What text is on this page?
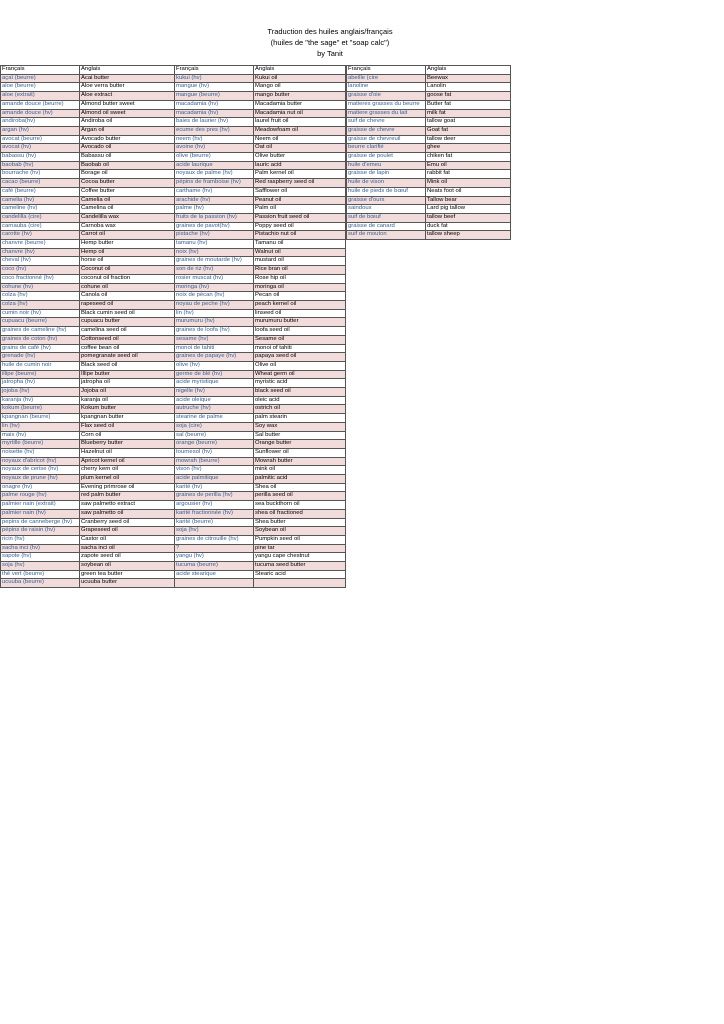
Traduction des huiles anglais/français
(huiles de "the sage" et "soap calc")
by Tanit
Français	Anglais	Français	Anglais
açaï (beurre)	Acai butter	kukui (hv)	Kukui oil
aloe (beurre)	Aloe verra butter	mangue (hv)	Mango oil
aloe (extrait)	Aloe extract	mangue (beurre)	mango butter
amande douce (beurre)	Almond butter sweet	macadamia (hv)	Macadamia butter
amande douce (hv)	Almond oil sweet	macadamia (hv)	Macadamia nut oil
andiroba(hv)	Andiroba oil	baies de laurier (hv)	laurel fruit oil
argan (hv)	Argan oil	ecume des pres (hv)	Meadowfoam oil
avocat (beurre)	Avocado butter	neem (hv)	Neem oil
avocat (hv)	Avocado oil	avoine (hv)	Oat oil
babassu (hv)	Babassu oil	olive (beurre)	Olive butter
baobab (hv)	Baobab oil	acide laurique	lauric acid
bourrache (hv)	Borage oil	noyaux de palme (hv)	Palm kernel oil
cacao (beurre)	Cocoa butter	pépins de framboise (hv)	Red raspberry seed oil
café (beurre)	Coffee butter	carthame (hv)	Safflower oil
camelia (hv)	Camelia oil	arachide (hv)	Peanut oil
cameline (hv)	Camelina oil	palme (hv)	Palm oil
candelilla (cire)	Candelilla wax	fruits de la passion (hv)	Passion fruit seed oil
carnauba (cire)	Carnoba wax	graines de pavot(hv)	Poppy seed oil
carotte (hv)	Carrot oil	pistache (hv)	Pistachio nut oil
chanvre (beurre)	Hemp butter	tamanu (hv)	Tamanu oil
chanvre (hv)	Hemp oil	noix (hv)	Walnut oil
cheval (hv)	horse oil	graines de moutarde (hv)	mustard oil
coco (hv)	Coconut oil	son de riz (hv)	Rice bran oil
coco fractionné (hv)	coconut oil fraction	rosier muscat (hv)	Rose hip oil
cohune (hv)	cohune oil	moringa (hv)	moringa oil
colza (hv)	Canola oil	noix de pécan (hv)	Pecan oil
colza (hv)	rapeseed oil	noyau de peche (hv)	peach kernel oil
cumin noir (hv)	Black cumin seed oil	lin (hv)	linseed oil
cupuacu (beurre)	cupuacu butter	murumuru (hv)	murumuru butter
graines de cameline (hv)	camelina seed oil	graines de loofa (hv)	loofa seed oil
graines de coton (hv)	Cottonseed oil	sesame (hv)	Sesame oil
grains de café (hv)	coffee bean oil	monoi de tahiti	monoi of tahiti
grenade (hv)	pomegranate seed oil	graines de papaye (hv)	papaya seed oil
huile de cumin noir	Black seed oil	olive (hv)	Olive oil
illipe (beurre)	Illipe butter	germe de blé (hv)	Wheat germ oil
jatropha (hv)	jatropha oil	acide myristique	myristic acid
jojoba (hv)	Jojoba oil	nigelle (hv)	black seed oil
karanja (hv)	karanja oil	acide oleique	oleic acid
kokum (beurre)	Kokum butter	autruche (hv)	ostrich oil
kpangnan (beurre)	kpangnan butter	stearine de palme	palm stearin
lin (hv)	Flax seed oil	soja (cire)	Soy wax
mais (hv)	Corn oil	sal (beurre)	Sal butter
myrtille (beurre)	Blueberry butter	orange (beurre)	Orange butter
noisette (hv)	Hazelnut oil	tournesol (hv)	Sunflower oil
noyaux d'abricot (hv)	Apricot kernel oil	mowrah (beurre)	Mowrah butter
noyaux de cerise (hv)	cherry kern oil	vison (hv)	mink oil
noyaux de prune (hv)	plum kernel oil	acide palmitique	palmitic acid
onagre (hv)	Evening primrose oil	karité (hv)	Shea oil
palme rouge (hv)	red palm butter	graines de perilla (hv)	perilla seed oil
palmier nain (extrait)	saw palmetto extract	argousier (hv)	sea buckthorn oil
palmier nain (hv)	saw palmetto oil	karité fractionnée (hv)	shea oil fractioned
pepins de canneberge (hv)	Cranberry seed oil	karité (beurre)	Shea butter
pépins de raisin (hv)	Grapeseed oil	soja (hv)	Soybean oil
ricin (hv)	Castor oil	graines de citrouille (hv)	Pumpkin seed oil
sacha inci (hv)	sacha inci oil	?	pine tar
sapote (hv)	zapote seed oil	yangu (hv)	yangu cape chestnut
soja (hv)	soybean oil	tucuma (beurre)	tucuma seed butter
thé vert (beurre)	green tea butter	acide stearique	Stearic acid
ucuuba (beurre)	ucuuba butter		
Français	Anglais
abeille (cire	Beewax
lanoline	Lanolin
graisse d'oie	goose fat
matieres grasses du beurre	Butter fat
matiere grasses du lait	milk fat
suif de chevre	tallow goat
graisse de chevre	Goat fat
graisse de chevreuil	tallow deer
beurre clarifié	ghee
graisse de poulet	chiken fat
huile d'emeu	Emu oil
graisse de lapin	rabbit fat
huile de vison	Mink oil
huile de pieds de bœuf	Neats foot oil
graisse d'ours	Tallow bear
saindoux	Lard pig tallow
suif de bœuf	tallow beef
graisse de canard	duck fat
suif de mouton	tallow sheep
